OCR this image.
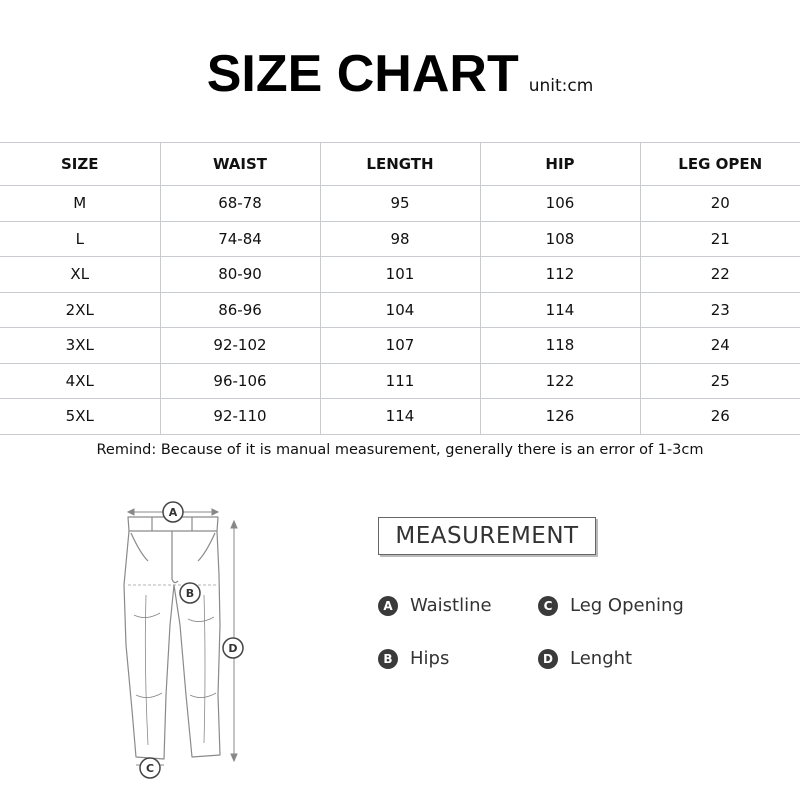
SIZE CHART unit:cm
SIZE	WAIST	LENGTH	HIP	LEG OPEN
M	68-78	95	106	20
L	74-84	98	108	21
XL	80-90	101	112	22
2XL	86-96	104	114	23
3XL	92-102	107	118	24
4XL	96-106	111	122	25
5XL	92-110	114	126	26
Remind: Because of it is manual measurement, generally there is an error of 1-3cm
A
B
D
C
MEASUREMENT
A Waistline	C Leg Opening
B Hips	D Lenght
